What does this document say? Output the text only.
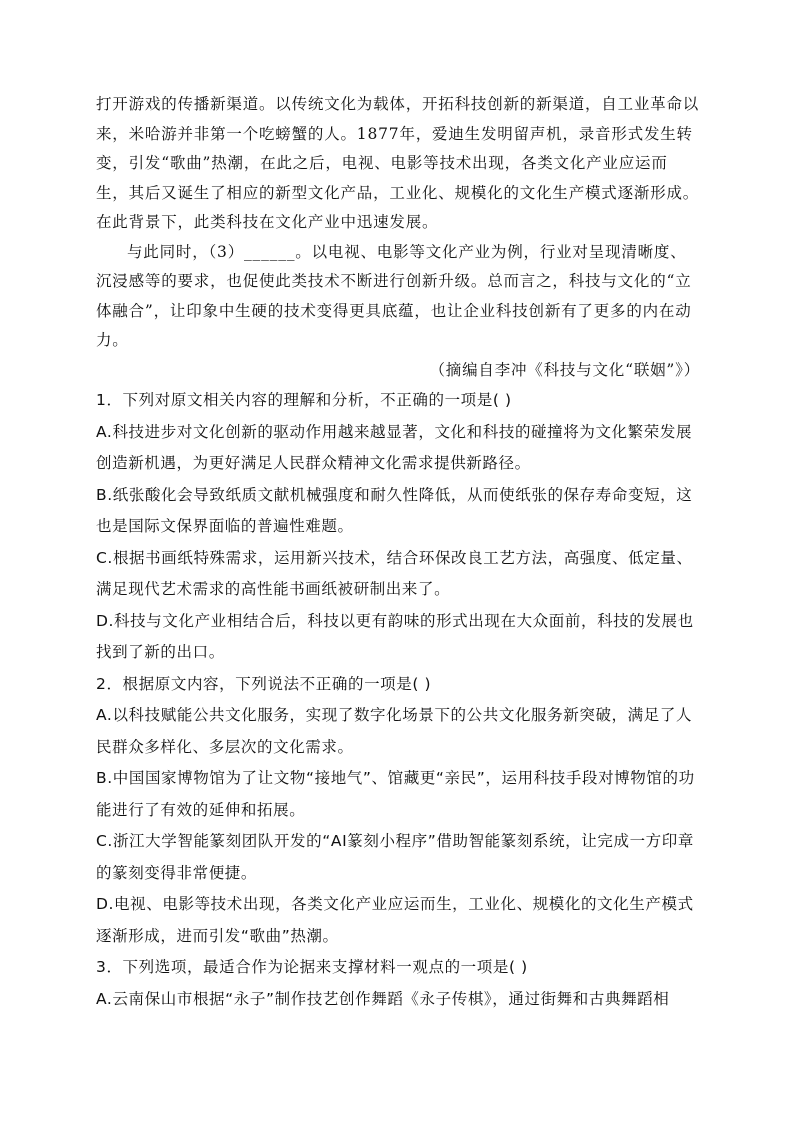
打开游戏的传播新渠道。以传统文化为载体，开拓科技创新的新渠道，自工业革命以来，米哈游并非第一个吃螃蟹的人。1877年，爱迪生发明留声机，录音形式发生转变，引发“歌曲”热潮，在此之后，电视、电影等技术出现，各类文化产业应运而生，其后又诞生了相应的新型文化产品，工业化、规模化的文化生产模式逐渐形成。在此背景下，此类科技在文化产业中迅速发展。

与此同时，（3）______。以电视、电影等文化产业为例，行业对呈现清晰度、沉浸感等的要求，也促使此类技术不断进行创新升级。总而言之，科技与文化的“立体融合”，让印象中生硬的技术变得更具底蕴，也让企业科技创新有了更多的内在动力。

（摘编自李冲《科技与文化“联姻”》）

1．下列对原文相关内容的理解和分析，不正确的一项是( )

A.科技进步对文化创新的驱动作用越来越显著，文化和科技的碰撞将为文化繁荣发展创造新机遇，为更好满足人民群众精神文化需求提供新路径。

B.纸张酸化会导致纸质文献机械强度和耐久性降低，从而使纸张的保存寿命变短，这也是国际文保界面临的普遍性难题。

C.根据书画纸特殊需求，运用新兴技术，结合环保改良工艺方法，高强度、低定量、满足现代艺术需求的高性能书画纸被研制出来了。

D.科技与文化产业相结合后，科技以更有韵味的形式出现在大众面前，科技的发展也找到了新的出口。

2．根据原文内容，下列说法不正确的一项是( )

A.以科技赋能公共文化服务，实现了数字化场景下的公共文化服务新突破，满足了人民群众多样化、多层次的文化需求。

B.中国国家博物馆为了让文物“接地气”、馆藏更“亲民”，运用科技手段对博物馆的功能进行了有效的延伸和拓展。

C.浙江大学智能篆刻团队开发的“AI篆刻小程序”借助智能篆刻系统，让完成一方印章的篆刻变得非常便捷。

D.电视、电影等技术出现，各类文化产业应运而生，工业化、规模化的文化生产模式逐渐形成，进而引发“歌曲”热潮。

3．下列选项，最适合作为论据来支撑材料一观点的一项是( )

A.云南保山市根据“永子”制作技艺创作舞蹈《永子传棋》，通过街舞和古典舞蹈相
